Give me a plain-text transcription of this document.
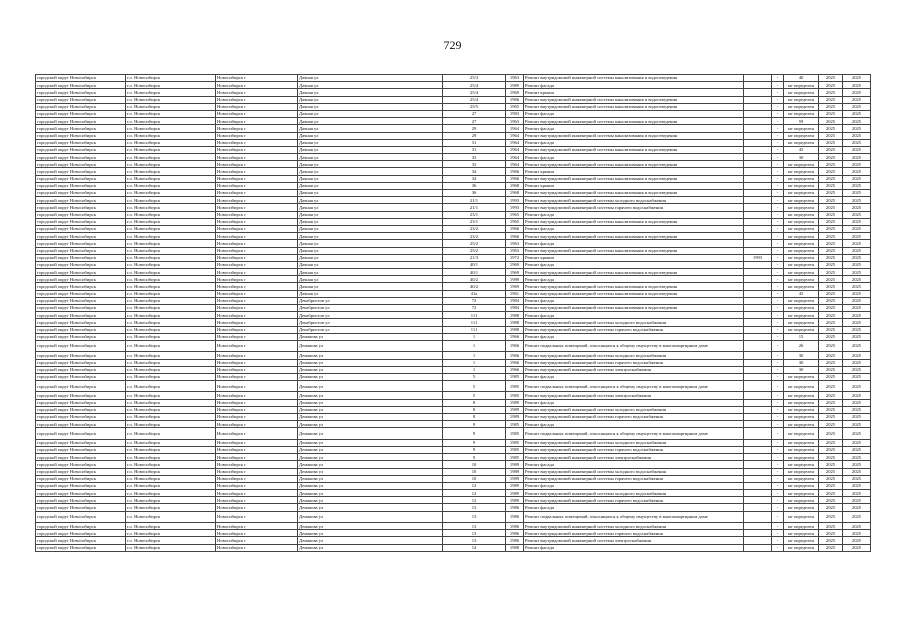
729
городской округ Новосибирск	г.о. Новосибирск	Новосибирск г	Дачная ул	25/3	1963	Ремонт внутридомовой инженерной системы канализования и водоотведения		-	40	2025	2025
городской округ Новосибирск	г.о. Новосибирск	Новосибирск г	Дачная ул	25/4	1989	Ремонт фасада		-	не определен	2025	2025
городской округ Новосибирск	г.о. Новосибирск	Новосибирск г	Дачная ул	25/4	1969	Ремонт крыши		-	не определен	2025	2025
городской округ Новосибирск	г.о. Новосибирск	Новосибирск г	Дачная ул	25/4	1966	Ремонт внутридомовой инженерной системы канализования и водоотведения		-	не определен	2025	2025
городской округ Новосибирск	г.о. Новосибирск	Новосибирск г	Дачная ул	25/5	1965	Ремонт внутридомовой инженерной системы канализования и водоотведения		-	не определен	2025	2025
городской округ Новосибирск	г.о. Новосибирск	Новосибирск г	Дачная ул	27	1983	Ремонт фасада		-	не определен	2025	2025
городской округ Новосибирск	г.о. Новосибирск	Новосибирск г	Дачная ул	27	1963	Ремонт внутридомовой инженерной системы канализования и водоотведения		-	59	2025	2025
городской округ Новосибирск	г.о. Новосибирск	Новосибирск г	Дачная ул	29	1964	Ремонт фасада		-	не определен	2025	2025
городской округ Новосибирск	г.о. Новосибирск	Новосибирск г	Дачная ул	29	1964	Ремонт внутридомовой инженерной системы канализования и водоотведения		-	не определен	2025	2025
городской округ Новосибирск	г.о. Новосибирск	Новосибирск г	Дачная ул	31	1964	Ремонт фасада		-	не определен	2025	2025
городской округ Новосибирск	г.о. Новосибирск	Новосибирск г	Дачная ул	31	1964	Ремонт внутридомовой инженерной системы канализования и водоотведения		-	45	2025	2025
городской округ Новосибирск	г.о. Новосибирск	Новосибирск г	Дачная ул	33	1964	Ремонт фасада		-	30	2025	2025
городской округ Новосибирск	г.о. Новосибирск	Новосибирск г	Дачная ул	33	1964	Ремонт внутридомовой инженерной системы канализования и водоотведения		-	не определен	2025	2025
городской округ Новосибирск	г.о. Новосибирск	Новосибирск г	Дачная ул	34	1966	Ремонт крыши		-	не определен	2025	2025
городской округ Новосибирск	г.о. Новосибирск	Новосибирск г	Дачная ул	34	1966	Ремонт внутридомовой инженерной системы канализования и водоотведения		-	не определен	2025	2025
городской округ Новосибирск	г.о. Новосибирск	Новосибирск г	Дачная ул	36	1968	Ремонт крыши		-	не определен	2025	2025
городской округ Новосибирск	г.о. Новосибирск	Новосибирск г	Дачная ул	36	1968	Ремонт внутридомовой инженерной системы канализования и водоотведения		-	не определен	2025	2025
городской округ Новосибирск	г.о. Новосибирск	Новосибирск г	Дачная ул	21/1	1993	Ремонт внутридомовой инженерной системы холодного водоснабжения		-	не определен	2025	2025
городской округ Новосибирск	г.о. Новосибирск	Новосибирск г	Дачная ул	21/1	1993	Ремонт внутридомовой инженерной системы горячего водоснабжения		-	не определен	2025	2025
городской округ Новосибирск	г.о. Новосибирск	Новосибирск г	Дачная ул	23/1	1965	Ремонт фасада		-	не определен	2025	2025
городской округ Новосибирск	г.о. Новосибирск	Новосибирск г	Дачная ул	23/1	1965	Ремонт внутридомовой инженерной системы канализования и водоотведения		-	не определен	2025	2025
городской округ Новосибирск	г.о. Новосибирск	Новосибирск г	Дачная ул	23/2	1966	Ремонт фасада		-	не определен	2025	2025
городской округ Новосибирск	г.о. Новосибирск	Новосибирск г	Дачная ул	23/2	1966	Ремонт внутридомовой инженерной системы канализования и водоотведения		-	не определен	2025	2025
городской округ Новосибирск	г.о. Новосибирск	Новосибирск г	Дачная ул	25/2	1963	Ремонт фасада		-	не определен	2025	2025
городской округ Новосибирск	г.о. Новосибирск	Новосибирск г	Дачная ул	25/2	1963	Ремонт внутридомовой инженерной системы канализования и водоотведения		-	не определен	2025	2025
городской округ Новосибирск	г.о. Новосибирск	Новосибирск г	Дачная ул	21/3	1972	Ремонт крыши	1993	-	не определен	2025	2025
городской округ Новосибирск	г.о. Новосибирск	Новосибирск г	Дачная ул	40/1	1969	Ремонт фасада		-	не определен	2025	2025
городской округ Новосибирск	г.о. Новосибирск	Новосибирск г	Дачная ул	40/1	1969	Ремонт внутридомовой инженерной системы канализования и водоотведения		-	не определен	2025	2025
городской округ Новосибирск	г.о. Новосибирск	Новосибирск г	Дачная ул	40/2	1989	Ремонт фасада		-	не определен	2025	2025
городской округ Новосибирск	г.о. Новосибирск	Новосибирск г	Дачная ул	40/2	1969	Ремонт внутридомовой инженерной системы канализования и водоотведения		-	не определен	2025	2025
городской округ Новосибирск	г.о. Новосибирск	Новосибирск г	Дачная ул	41а	1961	Ремонт внутридомовой инженерной системы канализования и водоотведения		-	45	2025	2025
городской округ Новосибирск	г.о. Новосибирск	Новосибирск г	Декабристов ул	72	1984	Ремонт фасада		-	не определен	2025	2025
городской округ Новосибирск	г.о. Новосибирск	Новосибирск г	Декабристов ул	72	1984	Ремонт внутридомовой инженерной системы канализования и водоотведения		-	не определен	2025	2025
городской округ Новосибирск	г.о. Новосибирск	Новосибирск г	Декабристов ул	111	1988	Ремонт фасада		-	не определен	2025	2025
городской округ Новосибирск	г.о. Новосибирск	Новосибирск г	Декабристов ул	111	1988	Ремонт внутридомовой инженерной системы холодного водоснабжения		-	не определен	2025	2025
городской округ Новосибирск	г.о. Новосибирск	Новосибирск г	Декабристов ул	111	1988	Ремонт внутридомовой инженерной системы горячего водоснабжения		-	не определен	2025	2025
городской округ Новосибирск	г.о. Новосибирск	Новосибирск г	Демакова ул	1	1966	Ремонт фасада		-	15	2025	2025
городской округ Новосибирск	г.о. Новосибирск	Новосибирск г	Демакова ул	1	1966	Ремонт подвальных помещений, относящихся к общему имуществу в многоквартирном доме		-	26	2025	2025
городской округ Новосибирск	г.о. Новосибирск	Новосибирск г	Демакова ул	1	1966	Ремонт внутридомовой инженерной системы холодного водоснабжения		-	30	2025	2025
городской округ Новосибирск	г.о. Новосибирск	Новосибирск г	Демакова ул	1	1966	Ремонт внутридомовой инженерной системы горячего водоснабжения		-	30	2025	2025
городской округ Новосибирск	г.о. Новосибирск	Новосибирск г	Демакова ул	1	1966	Ремонт внутридомовой инженерной системы электроснабжения		-	30	2025	2025
городской округ Новосибирск	г.о. Новосибирск	Новосибирск г	Демакова ул	5	1985	Ремонт фасада		-	не определен	2025	2025
городской округ Новосибирск	г.о. Новосибирск	Новосибирск г	Демакова ул	5	1985	Ремонт подвальных помещений, относящихся к общему имуществу в многоквартирном доме		-	не определен	2025	2025
городской округ Новосибирск	г.о. Новосибирск	Новосибирск г	Демакова ул	5	1985	Ремонт внутридомовой инженерной системы электроснабжения		-	не определен	2025	2025
городской округ Новосибирск	г.о. Новосибирск	Новосибирск г	Демакова ул	8	1989	Ремонт фасада		-	не определен	2025	2025
городской округ Новосибирск	г.о. Новосибирск	Новосибирск г	Демакова ул	8	1989	Ремонт внутридомовой инженерной системы холодного водоснабжения		-	не определен	2025	2025
городской округ Новосибирск	г.о. Новосибирск	Новосибирск г	Демакова ул	8	1989	Ремонт внутридомовой инженерной системы горячего водоснабжения		-	не определен	2025	2025
городской округ Новосибирск	г.о. Новосибирск	Новосибирск г	Демакова ул	9	1985	Ремонт фасада		-	не определен	2025	2025
городской округ Новосибирск	г.о. Новосибирск	Новосибирск г	Демакова ул	9	1985	Ремонт подвальных помещений, относящихся к общему имуществу в многоквартирном доме		-	не определен	2025	2025
городской округ Новосибирск	г.о. Новосибирск	Новосибирск г	Демакова ул	9	1985	Ремонт внутридомовой инженерной системы холодного водоснабжения		-	не определен	2025	2025
городской округ Новосибирск	г.о. Новосибирск	Новосибирск г	Демакова ул	9	1985	Ремонт внутридомовой инженерной системы горячего водоснабжения		-	не определен	2025	2025
городской округ Новосибирск	г.о. Новосибирск	Новосибирск г	Демакова ул	9	1985	Ремонт внутридомовой инженерной системы электроснабжения		-	не определен	2025	2025
городской округ Новосибирск	г.о. Новосибирск	Новосибирск г	Демакова ул	10	1989	Ремонт фасада		-	не определен	2025	2025
городской округ Новосибирск	г.о. Новосибирск	Новосибирск г	Демакова ул	10	1989	Ремонт внутридомовой инженерной системы холодного водоснабжения		-	не определен	2025	2025
городской округ Новосибирск	г.о. Новосибирск	Новосибирск г	Демакова ул	10	1989	Ремонт внутридомовой инженерной системы горячего водоснабжения		-	не определен	2025	2025
городской округ Новосибирск	г.о. Новосибирск	Новосибирск г	Демакова ул	12	1989	Ремонт фасада		-	не определен	2025	2025
городской округ Новосибирск	г.о. Новосибирск	Новосибирск г	Демакова ул	12	1989	Ремонт внутридомовой инженерной системы холодного водоснабжения		-	не определен	2025	2025
городской округ Новосибирск	г.о. Новосибирск	Новосибирск г	Демакова ул	12	1989	Ремонт внутридомовой инженерной системы горячего водоснабжения		-	не определен	2025	2025
городской округ Новосибирск	г.о. Новосибирск	Новосибирск г	Демакова ул	13	1986	Ремонт фасада		-	не определен	2025	2025
городской округ Новосибирск	г.о. Новосибирск	Новосибирск г	Демакова ул	13	1986	Ремонт подвальных помещений, относящихся к общему имуществу в многоквартирном доме		-	не определен	2025	2025
городской округ Новосибирск	г.о. Новосибирск	Новосибирск г	Демакова ул	13	1986	Ремонт внутридомовой инженерной системы холодного водоснабжения		-	не определен	2025	2025
городской округ Новосибирск	г.о. Новосибирск	Новосибирск г	Демакова ул	13	1986	Ремонт внутридомовой инженерной системы горячего водоснабжения		-	не определен	2025	2025
городской округ Новосибирск	г.о. Новосибирск	Новосибирск г	Демакова ул	13	1986	Ремонт внутридомовой инженерной системы электроснабжения		-	не определен	2025	2025
городской округ Новосибирск	г.о. Новосибирск	Новосибирск г	Демакова ул	14	1988	Ремонт фасада		-	не определен	2025	2025
